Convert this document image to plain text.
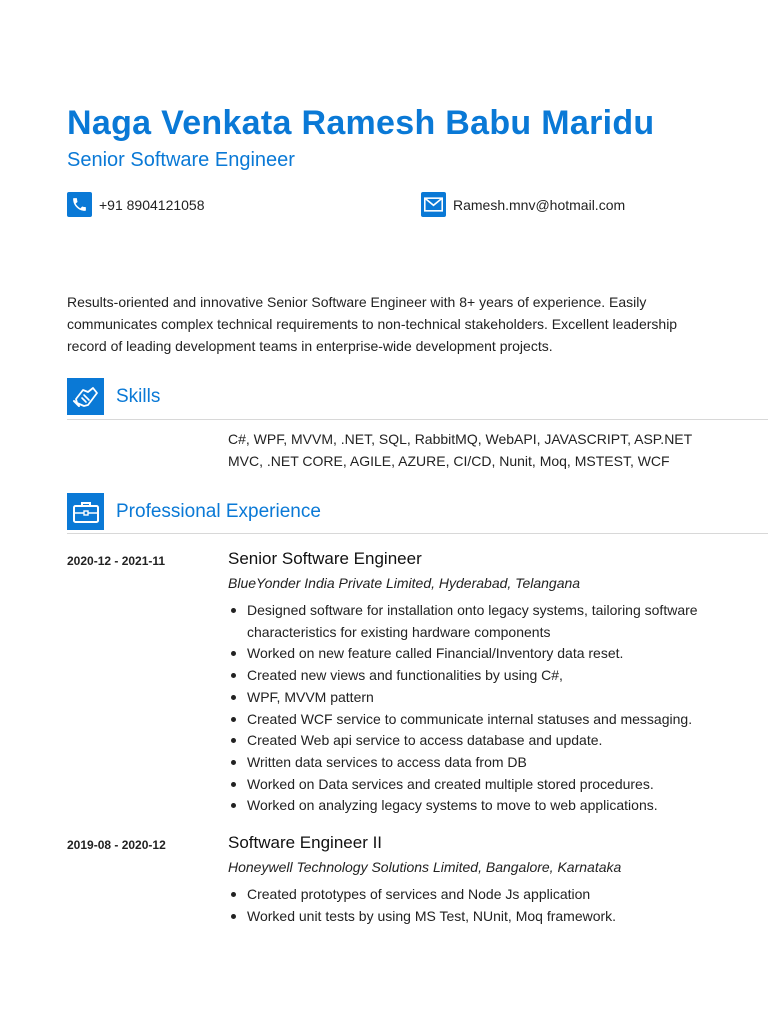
Naga Venkata Ramesh Babu Maridu
Senior Software Engineer
+91 8904121058	Ramesh.mnv@hotmail.com
Results-oriented and innovative Senior Software Engineer with 8+ years of experience. Easily communicates complex technical requirements to non-technical stakeholders. Excellent leadership record of leading development teams in enterprise-wide development projects.
Skills
C#, WPF, MVVM, .NET, SQL, RabbitMQ, WebAPI, JAVASCRIPT, ASP.NET MVC, .NET CORE, AGILE, AZURE, CI/CD, Nunit, Moq, MSTEST, WCF
Professional Experience
2020-12 - 2021-11	Senior Software Engineer
BlueYonder India Private Limited, Hyderabad, Telangana
Designed software for installation onto legacy systems, tailoring software characteristics for existing hardware components
Worked on new feature called Financial/Inventory data reset.
Created new views and functionalities by using C#,
WPF, MVVM pattern
Created WCF service to communicate internal statuses and messaging.
Created Web api service to access database and update.
Written data services to access data from DB
Worked on Data services and created multiple stored procedures.
Worked on analyzing legacy systems to move to web applications.
2019-08 - 2020-12	Software Engineer II
Honeywell Technology Solutions Limited, Bangalore, Karnataka
Created prototypes of services and Node Js application
Worked unit tests by using MS Test, NUnit, Moq framework.
